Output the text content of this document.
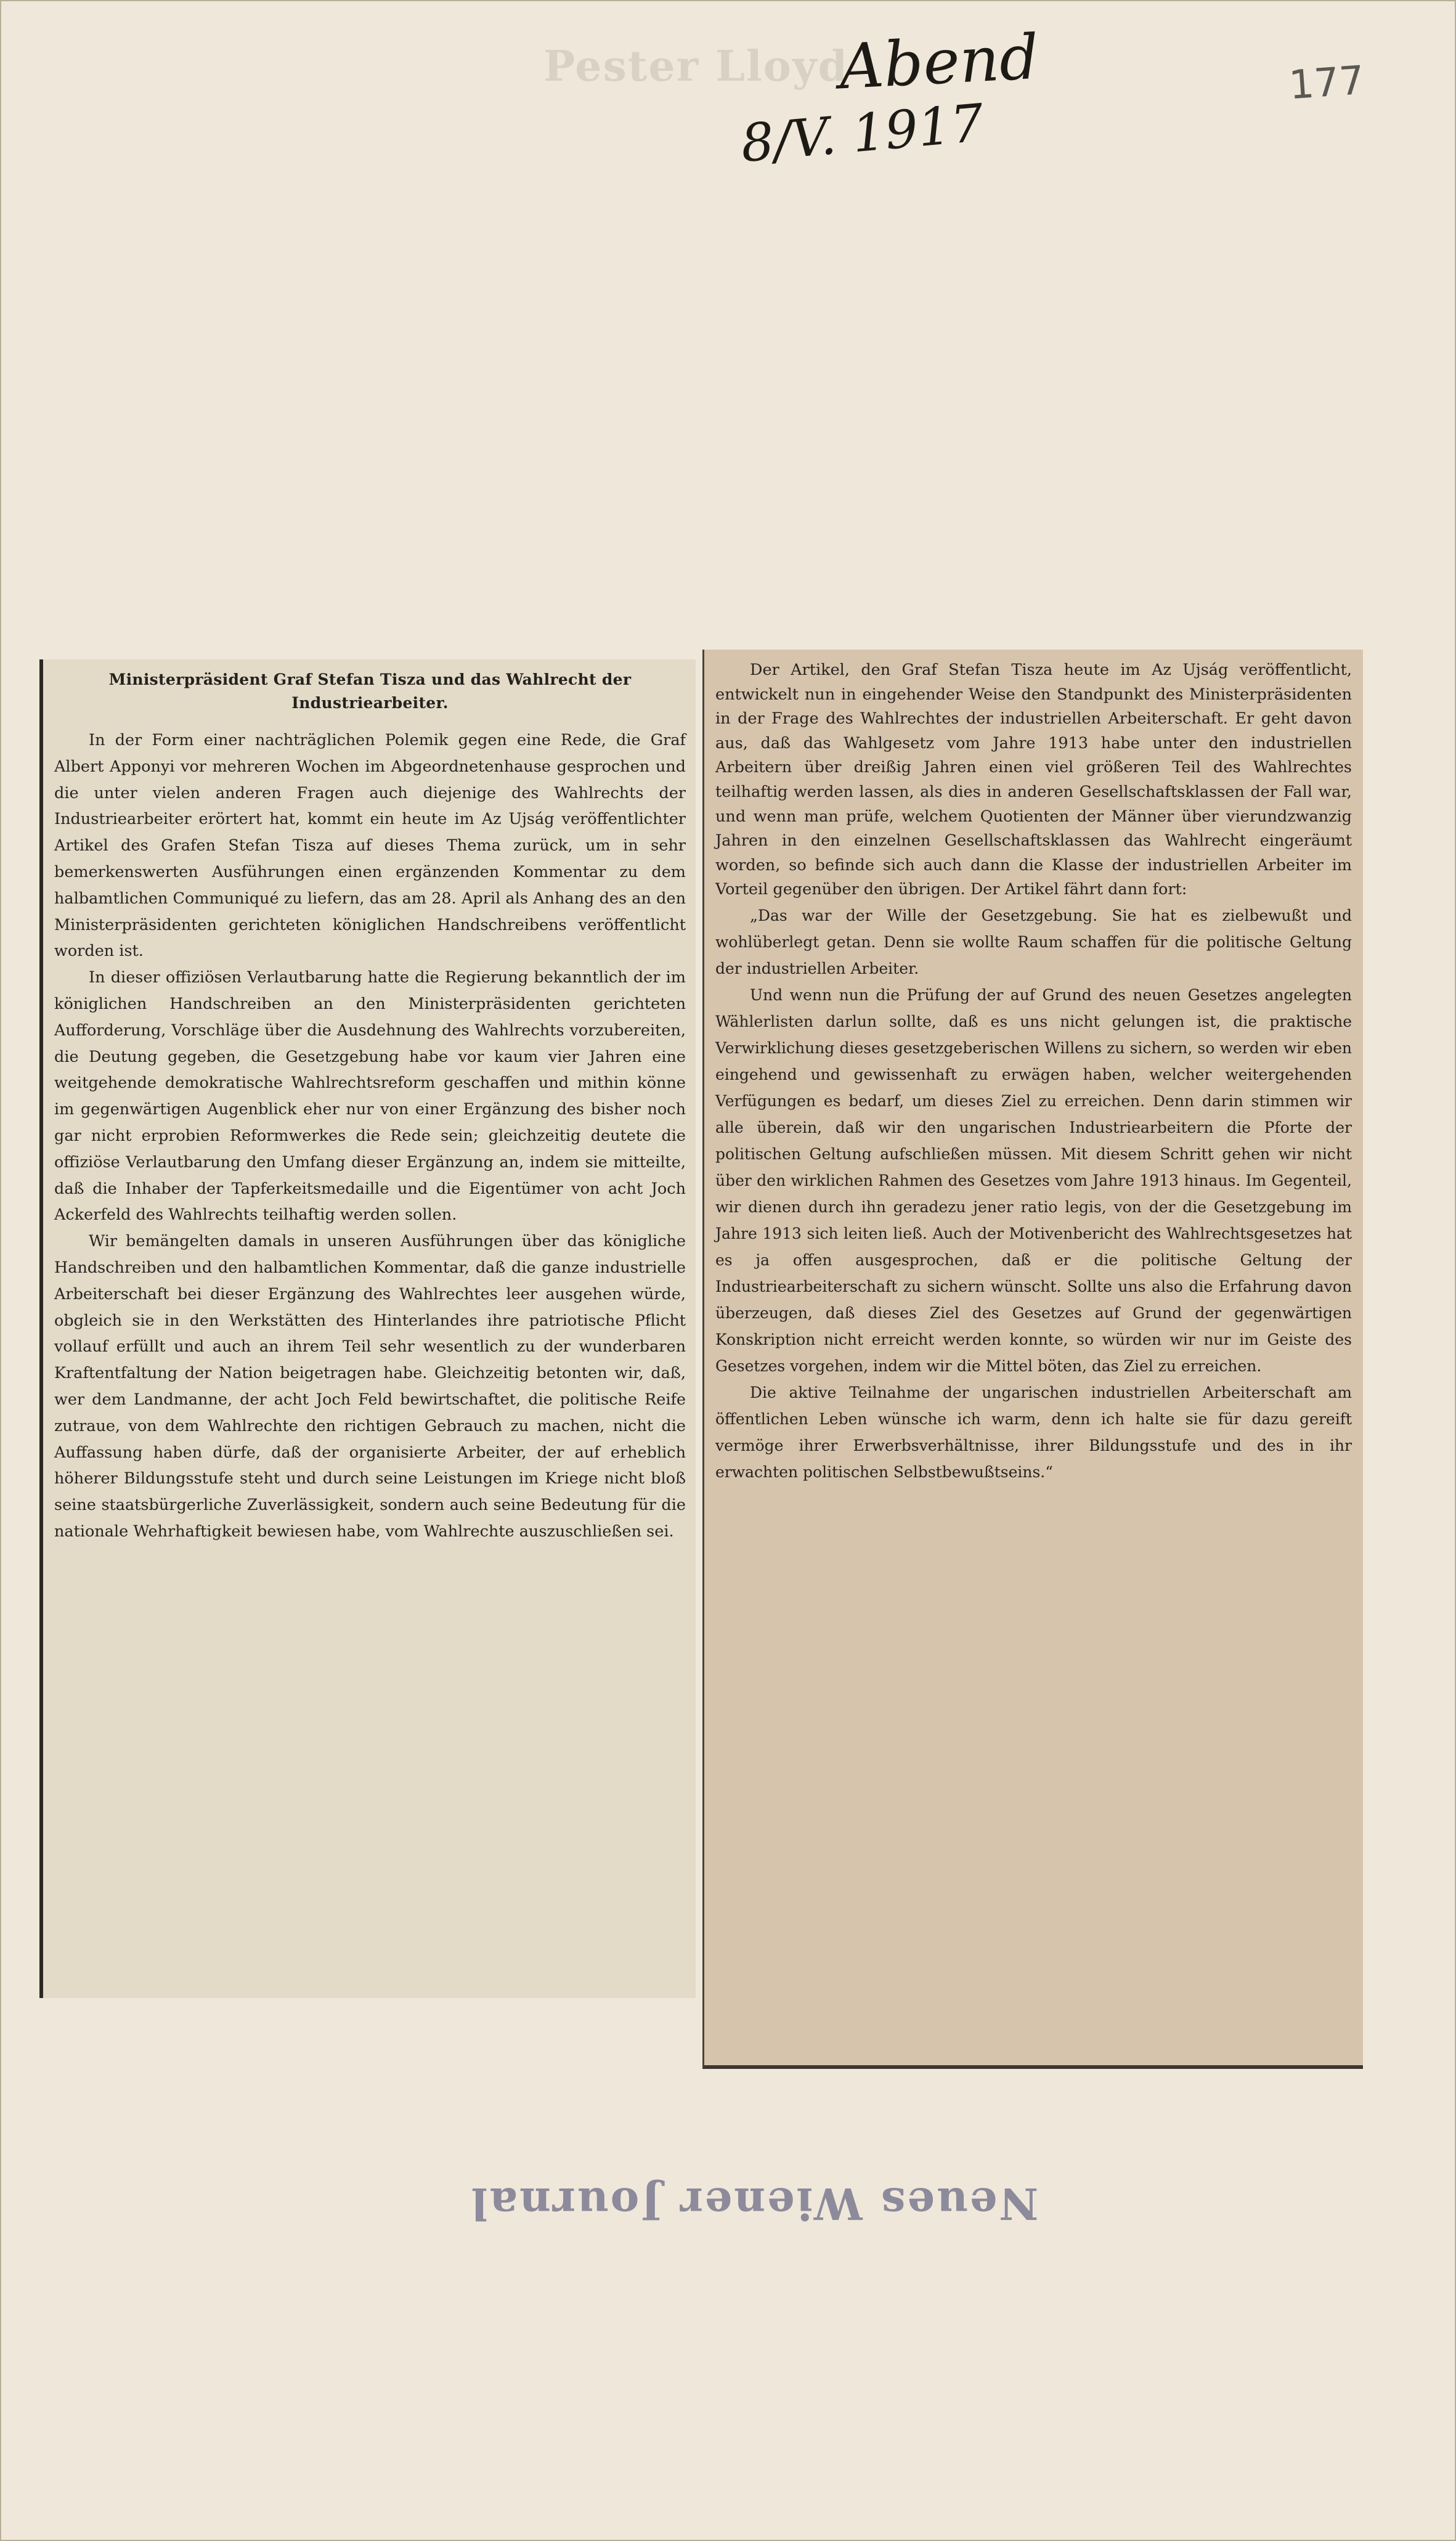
Pester Lloyd
Abend
8/V. 1917
177
Ministerpräsident Graf Stefan Tisza und das Wahlrecht der Industriearbeiter.

In der Form einer nachträglichen Polemik gegen eine Rede, die Graf Albert Apponyi vor mehreren Wochen im Abgeordnetenhause gesprochen und die unter vielen anderen Fragen auch diejenige des Wahlrechts der Industriearbeiter erörtert hat, kommt ein heute im Az Ujság veröffentlichter Artikel des Grafen Stefan Tisza auf dieses Thema zurück, um in sehr bemerkenswerten Ausführungen einen ergänzenden Kommentar zu dem halbamtlichen Communiqué zu liefern, das am 28. April als Anhang des an den Ministerpräsidenten gerichteten königlichen Handschreibens veröffentlicht worden ist.

In dieser offiziösen Verlautbarung hatte die Regierung bekanntlich der im königlichen Handschreiben an den Ministerpräsidenten gerichteten Aufforderung, Vorschläge über die Ausdehnung des Wahlrechts vorzubereiten, die Deutung gegeben, die Gesetzgebung habe vor kaum vier Jahren eine weitgehende demokratische Wahlrechtsreform geschaffen und mithin könne im gegenwärtigen Augenblick eher nur von einer Ergänzung des bisher noch gar nicht erprobien Reformwerkes die Rede sein; gleichzeitig deutete die offiziöse Verlautbarung den Umfang dieser Ergänzung an, indem sie mitteilte, daß die Inhaber der Tapferkeitsmedaille und die Eigentümer von acht Joch Ackerfeld des Wahlrechts teilhaftig werden sollen.

Wir bemängelten damals in unseren Ausführungen über das königliche Handschreiben und den halbamtlichen Kommentar, daß die ganze industrielle Arbeiterschaft bei dieser Ergänzung des Wahlrechtes leer ausgehen würde, obgleich sie in den Werkstätten des Hinterlandes ihre patriotische Pflicht vollauf erfüllt und auch an ihrem Teil sehr wesentlich zu der wunderbaren Kraftentfaltung der Nation beigetragen habe. Gleichzeitig betonten wir, daß, wer dem Landmanne, der acht Joch Feld bewirtschaftet, die politische Reife zutraue, von dem Wahlrechte den richtigen Gebrauch zu machen, nicht die Auffassung haben dürfe, daß der organisierte Arbeiter, der auf erheblich höherer Bildungsstufe steht und durch seine Leistungen im Kriege nicht bloß seine staatsbürgerliche Zuverlässigkeit, sondern auch seine Bedeutung für die nationale Wehrhaftigkeit bewiesen habe, vom Wahlrechte auszuschließen sei.

Der Artikel, den Graf Stefan Tisza heute im Az Ujság veröffentlicht, entwickelt nun in eingehender Weise den Standpunkt des Ministerpräsidenten in der Frage des Wahlrechtes der industriellen Arbeiterschaft. Er geht davon aus, daß das Wahlgesetz vom Jahre 1913 habe unter den industriellen Arbeitern über dreißig Jahren einen viel größeren Teil des Wahlrechtes teilhaftig werden lassen, als dies in anderen Gesellschaftsklassen der Fall war, und wenn man prüfe, welchem Quotienten der Männer über vierundzwanzig Jahren in den einzelnen Gesellschaftsklassen das Wahlrecht eingeräumt worden, so befinde sich auch dann die Klasse der industriellen Arbeiter im Vorteil gegenüber den übrigen. Der Artikel fährt dann fort:

„Das war der Wille der Gesetzgebung. Sie hat es zielbewußt und wohlüberlegt getan. Denn sie wollte Raum schaffen für die politische Geltung der industriellen Arbeiter.

Und wenn nun die Prüfung der auf Grund des neuen Gesetzes angelegten Wählerlisten darlun sollte, daß es uns nicht gelungen ist, die praktische Verwirklichung dieses gesetzgeberischen Willens zu sichern, so werden wir eben eingehend und gewissenhaft zu erwägen haben, welcher weitergehenden Verfügungen es bedarf, um dieses Ziel zu erreichen. Denn darin stimmen wir alle überein, daß wir den ungarischen Industriearbeitern die Pforte der politischen Geltung aufschließen müssen. Mit diesem Schritt gehen wir nicht über den wirklichen Rahmen des Gesetzes vom Jahre 1913 hinaus. Im Gegenteil, wir dienen durch ihn geradezu jener ratio legis, von der die Gesetzgebung im Jahre 1913 sich leiten ließ. Auch der Motivenbericht des Wahlrechtsgesetzes hat es ja offen ausgesprochen, daß er die politische Geltung der Industriearbeiterschaft zu sichern wünscht. Sollte uns also die Erfahrung davon überzeugen, daß dieses Ziel des Gesetzes auf Grund der gegenwärtigen Konskription nicht erreicht werden konnte, so würden wir nur im Geiste des Gesetzes vorgehen, indem wir die Mittel böten, das Ziel zu erreichen.

Die aktive Teilnahme der ungarischen industriellen Arbeiterschaft am öffentlichen Leben wünsche ich warm, denn ich halte sie für dazu gereift vermöge ihrer Erwerbsverhältnisse, ihrer Bildungsstufe und des in ihr erwachten politischen Selbstbewußtseins.“

Neues Wiener Journal
